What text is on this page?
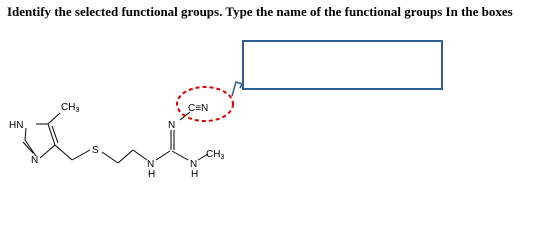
Identify the selected functional groups. Type the name of the functional groups In the boxes
HN
N
$CH_3$
S
N
H
N
N
H
$CH_3$
C≡N
